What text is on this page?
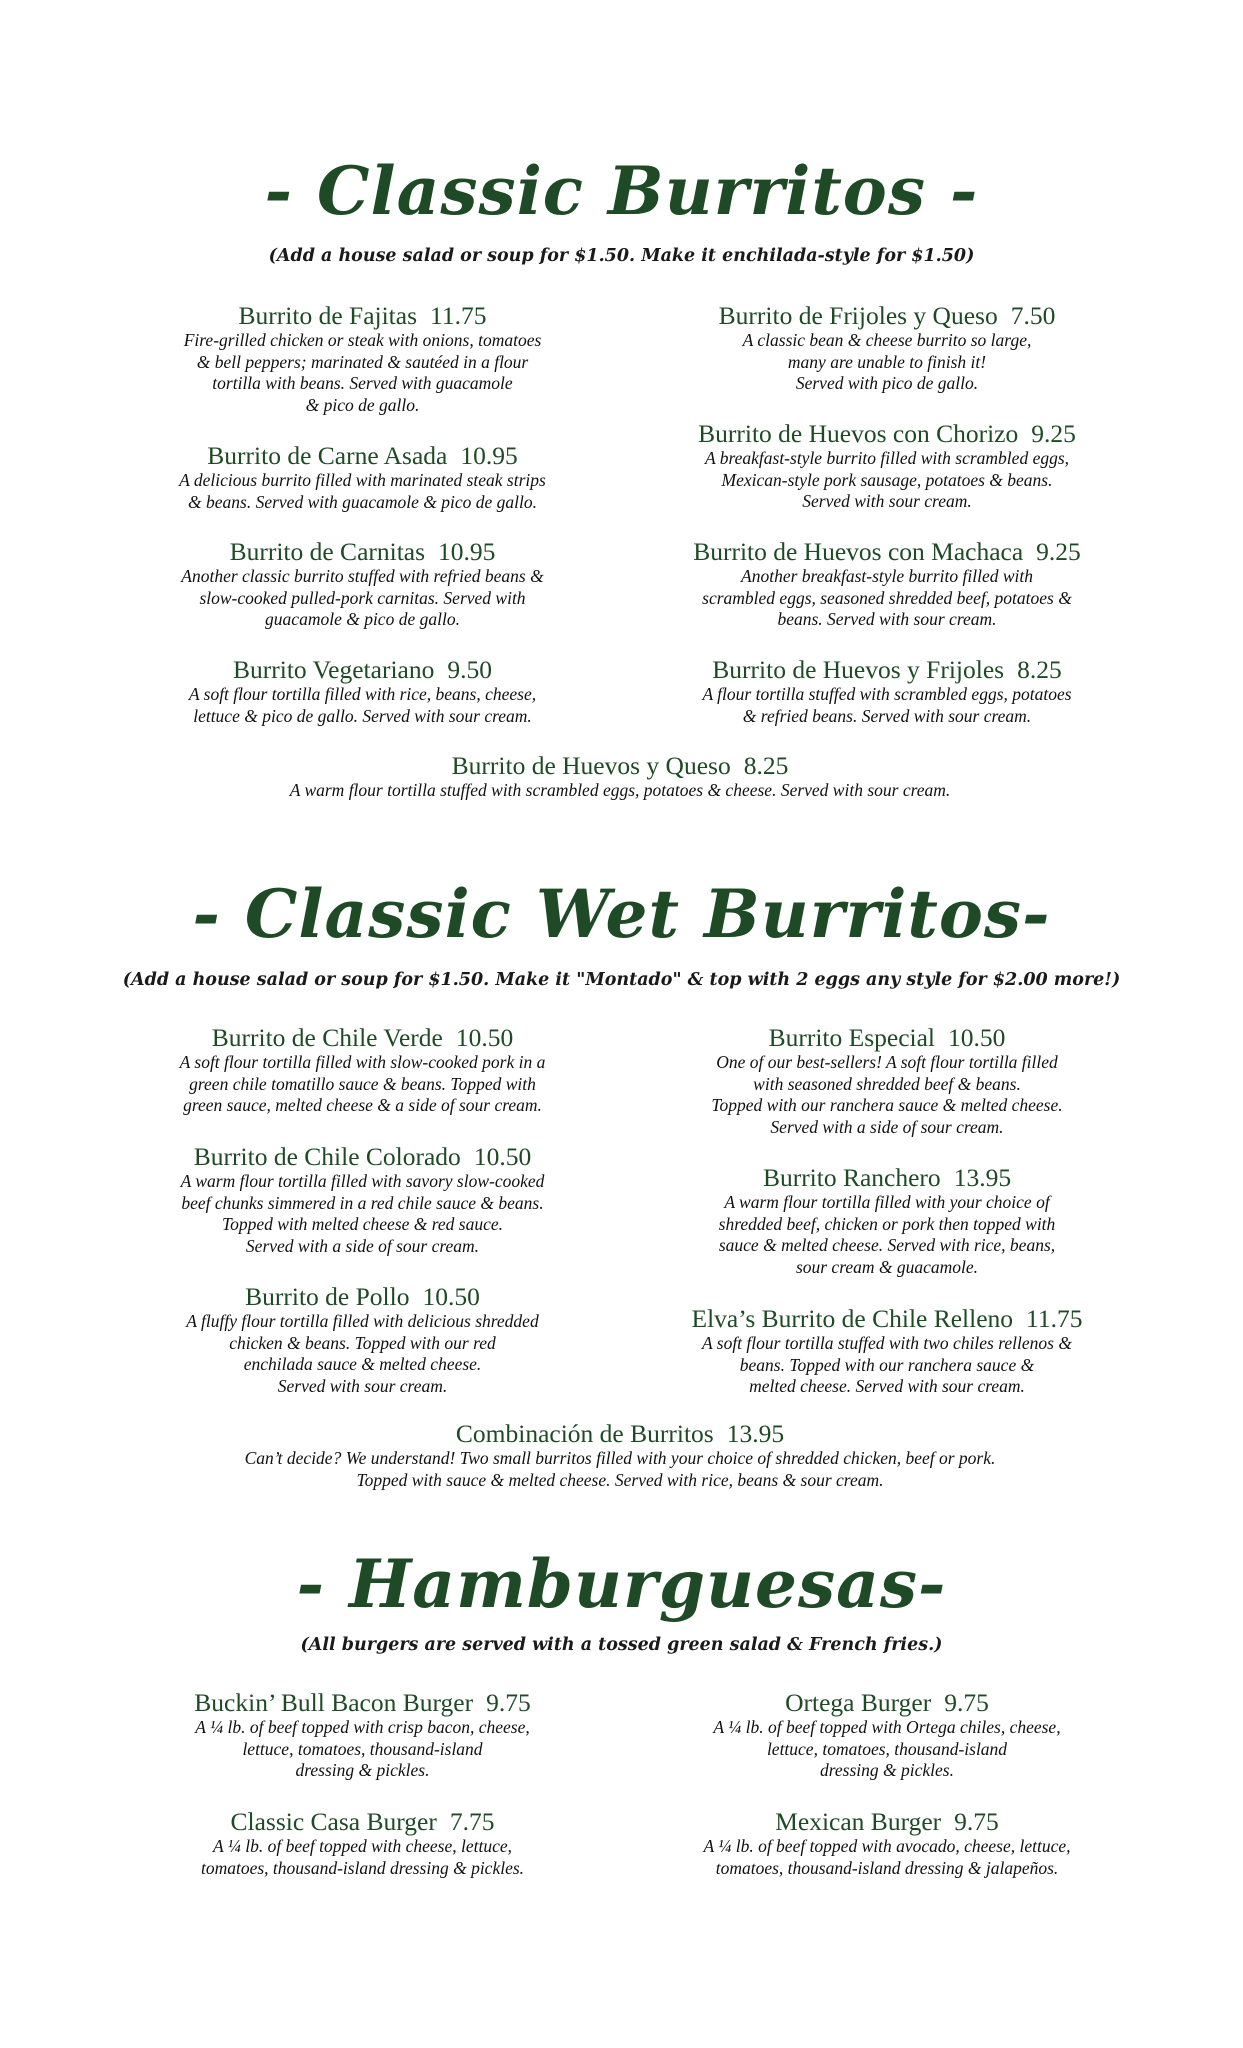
- Classic Burritos -
(Add a house salad or soup for $1.50. Make it enchilada-style for $1.50)
Burrito de Fajitas 11.75
Fire-grilled chicken or steak with onions, tomatoes
& bell peppers; marinated & sautéed in a flour
tortilla with beans. Served with guacamole
& pico de gallo.
Burrito de Frijoles y Queso 7.50
A classic bean & cheese burrito so large,
many are unable to finish it!
Served with pico de gallo.
Burrito de Carne Asada 10.95
A delicious burrito filled with marinated steak strips
& beans. Served with guacamole & pico de gallo.
Burrito de Huevos con Chorizo 9.25
A breakfast-style burrito filled with scrambled eggs,
Mexican-style pork sausage, potatoes & beans.
Served with sour cream.
Burrito de Carnitas 10.95
Another classic burrito stuffed with refried beans &
slow-cooked pulled-pork carnitas. Served with
guacamole & pico de gallo.
Burrito de Huevos con Machaca 9.25
Another breakfast-style burrito filled with
scrambled eggs, seasoned shredded beef, potatoes &
beans. Served with sour cream.
Burrito Vegetariano 9.50
A soft flour tortilla filled with rice, beans, cheese,
lettuce & pico de gallo. Served with sour cream.
Burrito de Huevos y Frijoles 8.25
A flour tortilla stuffed with scrambled eggs, potatoes
& refried beans. Served with sour cream.
Burrito de Huevos y Queso 8.25
A warm flour tortilla stuffed with scrambled eggs, potatoes & cheese. Served with sour cream.
- Classic Wet Burritos-
(Add a house salad or soup for $1.50. Make it "Montado" & top with 2 eggs any style for $2.00 more!)
Burrito de Chile Verde 10.50
A soft flour tortilla filled with slow-cooked pork in a
green chile tomatillo sauce & beans. Topped with
green sauce, melted cheese & a side of sour cream.
Burrito Especial 10.50
One of our best-sellers! A soft flour tortilla filled
with seasoned shredded beef & beans.
Topped with our ranchera sauce & melted cheese.
Served with a side of sour cream.
Burrito de Chile Colorado 10.50
A warm flour tortilla filled with savory slow-cooked
beef chunks simmered in a red chile sauce & beans.
Topped with melted cheese & red sauce.
Served with a side of sour cream.
Burrito Ranchero 13.95
A warm flour tortilla filled with your choice of
shredded beef, chicken or pork then topped with
sauce & melted cheese. Served with rice, beans,
sour cream & guacamole.
Burrito de Pollo 10.50
A fluffy flour tortilla filled with delicious shredded
chicken & beans. Topped with our red
enchilada sauce & melted cheese.
Served with sour cream.
Elva’s Burrito de Chile Relleno 11.75
A soft flour tortilla stuffed with two chiles rellenos &
beans. Topped with our ranchera sauce &
melted cheese. Served with sour cream.
Combinación de Burritos 13.95
Can’t decide? We understand! Two small burritos filled with your choice of shredded chicken, beef or pork.
Topped with sauce & melted cheese. Served with rice, beans & sour cream.
- Hamburguesas-
(All burgers are served with a tossed green salad & French fries.)
Buckin’ Bull Bacon Burger 9.75
A ¼ lb. of beef topped with crisp bacon, cheese,
lettuce, tomatoes, thousand-island
dressing & pickles.
Ortega Burger 9.75
A ¼ lb. of beef topped with Ortega chiles, cheese,
lettuce, tomatoes, thousand-island
dressing & pickles.
Classic Casa Burger 7.75
A ¼ lb. of beef topped with cheese, lettuce,
tomatoes, thousand-island dressing & pickles.
Mexican Burger 9.75
A ¼ lb. of beef topped with avocado, cheese, lettuce,
tomatoes, thousand-island dressing & jalapeños.
